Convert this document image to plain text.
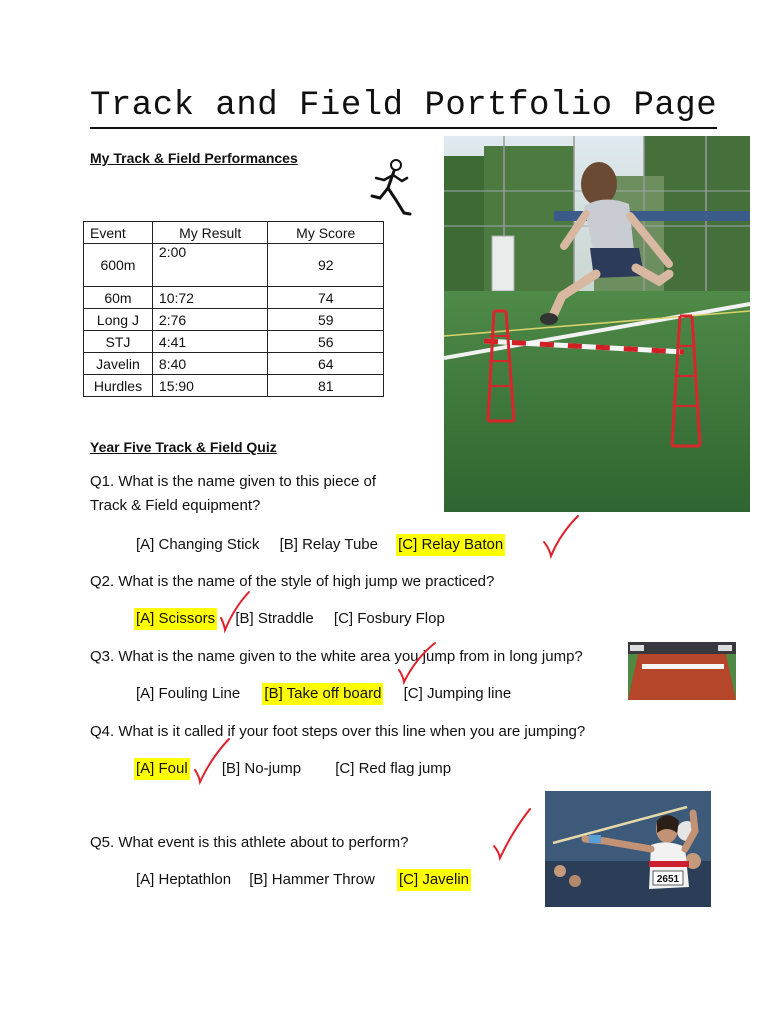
Track and Field Portfolio Page
My Track & Field Performances
Event	My Result	My Score
600m	2:00	92
60m	10:72	74
Long J	2:76	59
STJ	4:41	56
Javelin	8:40	64
Hurdles	15:90	81
Year Five Track & Field Quiz
Q1. What is the name given to this piece of
Track & Field equipment?
[A] Changing Stick [B] Relay Tube [C] Relay Baton
Q2. What is the name of the style of high jump we practiced?
[A] Scissors [B] Straddle [C] Fosbury Flop
Q3. What is the name given to the white area you jump from in long jump?
[A] Fouling Line [B] Take off board [C] Jumping line
Q4. What is it called if your foot steps over this line when you are jumping?
[A] Foul [B] No-jump [C] Red flag jump
2651
Q5. What event is this athlete about to perform?
[A] Heptathlon [B] Hammer Throw [C] Javelin
